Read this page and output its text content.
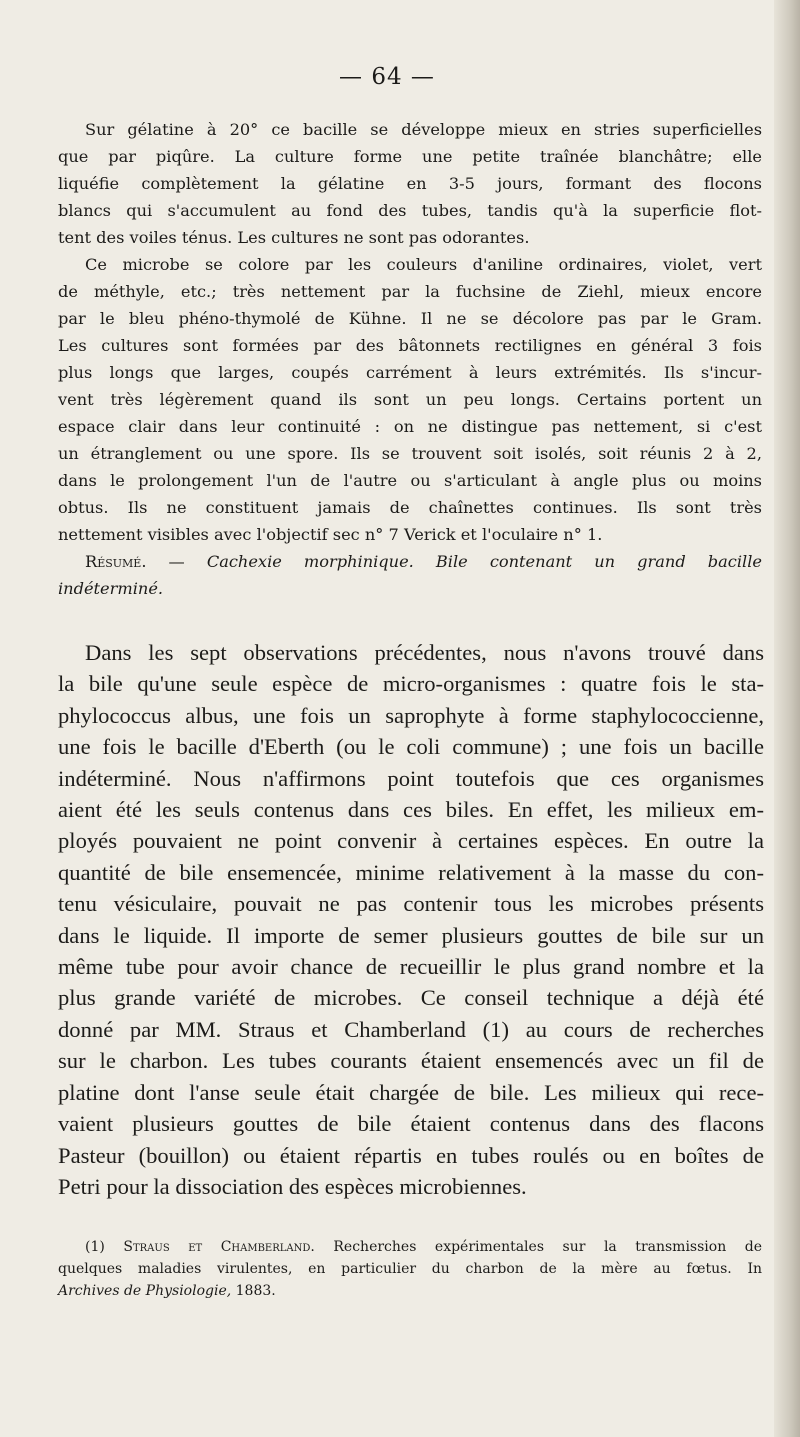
— 64 —
Sur gélatine à 20° ce bacille se développe mieux en stries superficielles
que par piqûre. La culture forme une petite traînée blanchâtre; elle
liquéfie complètement la gélatine en 3-5 jours, formant des flocons
blancs qui s'accumulent au fond des tubes, tandis qu'à la superficie flot-
tent des voiles ténus. Les cultures ne sont pas odorantes.
Ce microbe se colore par les couleurs d'aniline ordinaires, violet, vert
de méthyle, etc.; très nettement par la fuchsine de Ziehl, mieux encore
par le bleu phéno-thymolé de Kühne. Il ne se décolore pas par le Gram.
Les cultures sont formées par des bâtonnets rectilignes en général 3 fois
plus longs que larges, coupés carrément à leurs extrémités. Ils s'incur-
vent très légèrement quand ils sont un peu longs. Certains portent un
espace clair dans leur continuité : on ne distingue pas nettement, si c'est
un étranglement ou une spore. Ils se trouvent soit isolés, soit réunis 2 à 2,
dans le prolongement l'un de l'autre ou s'articulant à angle plus ou moins
obtus. Ils ne constituent jamais de chaînettes continues. Ils sont très
nettement visibles avec l'objectif sec n° 7 Verick et l'oculaire n° 1.
Résumé. — Cachexie morphinique. Bile contenant un grand bacille
indéterminé.
Dans les sept observations précédentes, nous n'avons trouvé dans
la bile qu'une seule espèce de micro-organismes : quatre fois le sta-
phylococcus albus, une fois un saprophyte à forme staphylococcienne,
une fois le bacille d'Eberth (ou le coli commune) ; une fois un bacille
indéterminé. Nous n'affirmons point toutefois que ces organismes
aient été les seuls contenus dans ces biles. En effet, les milieux em-
ployés pouvaient ne point convenir à certaines espèces. En outre la
quantité de bile ensemencée, minime relativement à la masse du con-
tenu vésiculaire, pouvait ne pas contenir tous les microbes présents
dans le liquide. Il importe de semer plusieurs gouttes de bile sur un
même tube pour avoir chance de recueillir le plus grand nombre et la
plus grande variété de microbes. Ce conseil technique a déjà été
donné par MM. Straus et Chamberland (1) au cours de recherches
sur le charbon. Les tubes courants étaient ensemencés avec un fil de
platine dont l'anse seule était chargée de bile. Les milieux qui rece-
vaient plusieurs gouttes de bile étaient contenus dans des flacons
Pasteur (bouillon) ou étaient répartis en tubes roulés ou en boîtes de
Petri pour la dissociation des espèces microbiennes.
(1) Straus et Chamberland. Recherches expérimentales sur la transmission de
quelques maladies virulentes, en particulier du charbon de la mère au fœtus. In
Archives de Physiologie, 1883.
